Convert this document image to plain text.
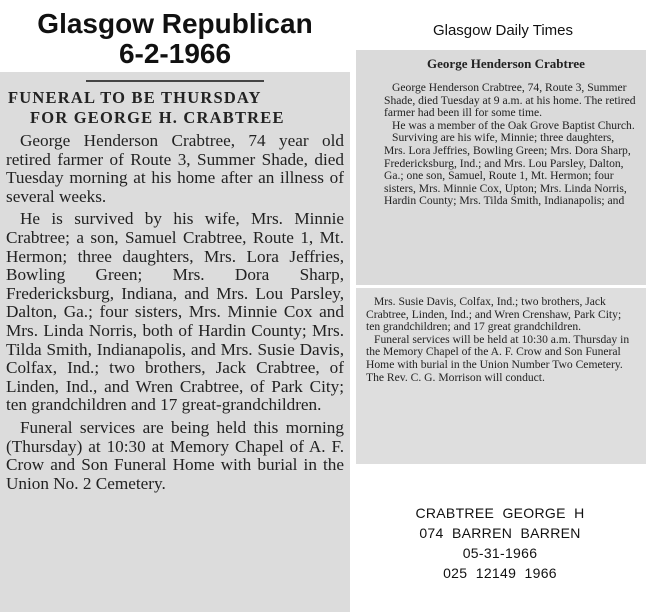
Glasgow Republican
6-2-1966
FUNERAL TO BE THURSDAY
FOR GEORGE H. CRABTREE

George Henderson Crabtree, 74 year old retired farmer of Route 3, Summer Shade, died Tuesday morning at his home after an illness of several weeks.

He is survived by his wife, Mrs. Minnie Crabtree; a son, Samuel Crabtree, Route 1, Mt. Hermon; three daughters, Mrs. Lora Jeffries, Bowling Green; Mrs. Dora Sharp, Fredericksburg, Indiana, and Mrs. Lou Parsley, Dalton, Ga.; four sisters, Mrs. Minnie Cox and Mrs. Linda Norris, both of Hardin County; Mrs. Tilda Smith, Indianapolis, and Mrs. Susie Davis, Colfax, Ind.; two brothers, Jack Crabtree, of Linden, Ind., and Wren Crabtree, of Park City; ten grandchildren and 17 great-grandchildren.

Funeral services are being held this morning (Thursday) at 10:30 at Memory Chapel of A. F. Crow and Son Funeral Home with burial in the Union No. 2 Cemetery.

Glasgow Daily Times
George Henderson Crabtree

George Henderson Crabtree, 74, Route 3, Summer Shade, died Tuesday at 9 a.m. at his home. The retired farmer had been ill for some time.

He was a member of the Oak Grove Baptist Church.

Surviving are his wife, Minnie; three daughters, Mrs. Lora Jeffries, Bowling Green; Mrs. Dora Sharp, Fredericksburg, Ind.; and Mrs. Lou Parsley, Dalton, Ga.; one son, Samuel, Route 1, Mt. Hermon; four sisters, Mrs. Minnie Cox, Upton; Mrs. Linda Norris, Hardin County; Mrs. Tilda Smith, Indianapolis; and

Mrs. Susie Davis, Colfax, Ind.; two brothers, Jack Crabtree, Linden, Ind.; and Wren Crenshaw, Park City; ten grandchildren; and 17 great grandchildren.

Funeral services will be held at 10:30 a.m. Thursday in the Memory Chapel of the A. F. Crow and Son Funeral Home with burial in the Union Number Two Cemetery. The Rev. C. G. Morrison will conduct.

CRABTREE  GEORGE  H
074  BARREN  BARREN
05-31-1966
025  12149  1966
